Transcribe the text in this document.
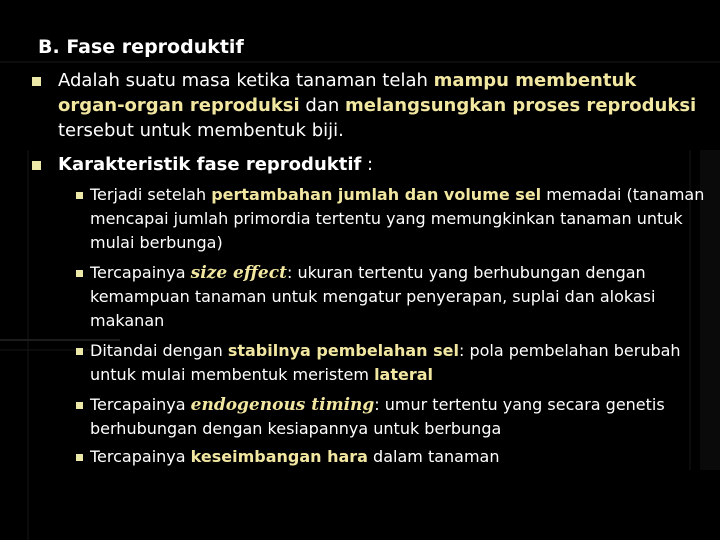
B. Fase reproduktif
Adalah suatu masa ketika tanaman telah mampu membentuk organ-organ reproduksi dan melangsungkan proses reproduksi tersebut untuk membentuk biji.
Karakteristik fase reproduktif :
Terjadi setelah pertambahan jumlah dan volume sel memadai (tanaman mencapai jumlah primordia tertentu yang memungkinkan tanaman untuk mulai berbunga)
Tercapainya size effect: ukuran tertentu yang berhubungan dengan kemampuan tanaman untuk mengatur penyerapan, suplai dan alokasi makanan
Ditandai dengan stabilnya pembelahan sel: pola pembelahan berubah untuk mulai membentuk meristem lateral
Tercapainya endogenous timing: umur tertentu yang secara genetis berhubungan dengan kesiapannya untuk berbunga
Tercapainya keseimbangan hara dalam tanaman
